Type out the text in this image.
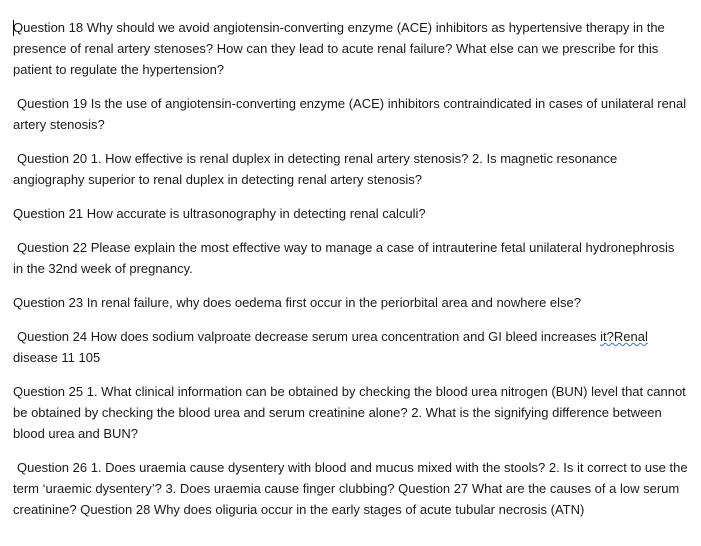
Question 18 Why should we avoid angiotensin-converting enzyme (ACE) inhibitors as hypertensive therapy in the presence of renal artery stenoses? How can they lead to acute renal failure? What else can we prescribe for this patient to regulate the hypertension?

Question 19 Is the use of angiotensin-converting enzyme (ACE) inhibitors contraindicated in cases of unilateral renal artery stenosis?

Question 20 1. How effective is renal duplex in detecting renal artery stenosis? 2. Is magnetic resonance angiography superior to renal duplex in detecting renal artery stenosis?

Question 21 How accurate is ultrasonography in detecting renal calculi?

Question 22 Please explain the most effective way to manage a case of intrauterine fetal unilateral hydronephrosis in the 32nd week of pregnancy.

Question 23 In renal failure, why does oedema first occur in the periorbital area and nowhere else?

Question 24 How does sodium valproate decrease serum urea concentration and GI bleed increases it?Renal disease 11 105

Question 25 1. What clinical information can be obtained by checking the blood urea nitrogen (BUN) level that cannot be obtained by checking the blood urea and serum creatinine alone? 2. What is the signifying difference between blood urea and BUN?

Question 26 1. Does uraemia cause dysentery with blood and mucus mixed with the stools? 2. Is it correct to use the term ‘uraemic dysentery’? 3. Does uraemia cause finger clubbing? Question 27 What are the causes of a low serum creatinine? Question 28 Why does oliguria occur in the early stages of acute tubular necrosis (ATN)
